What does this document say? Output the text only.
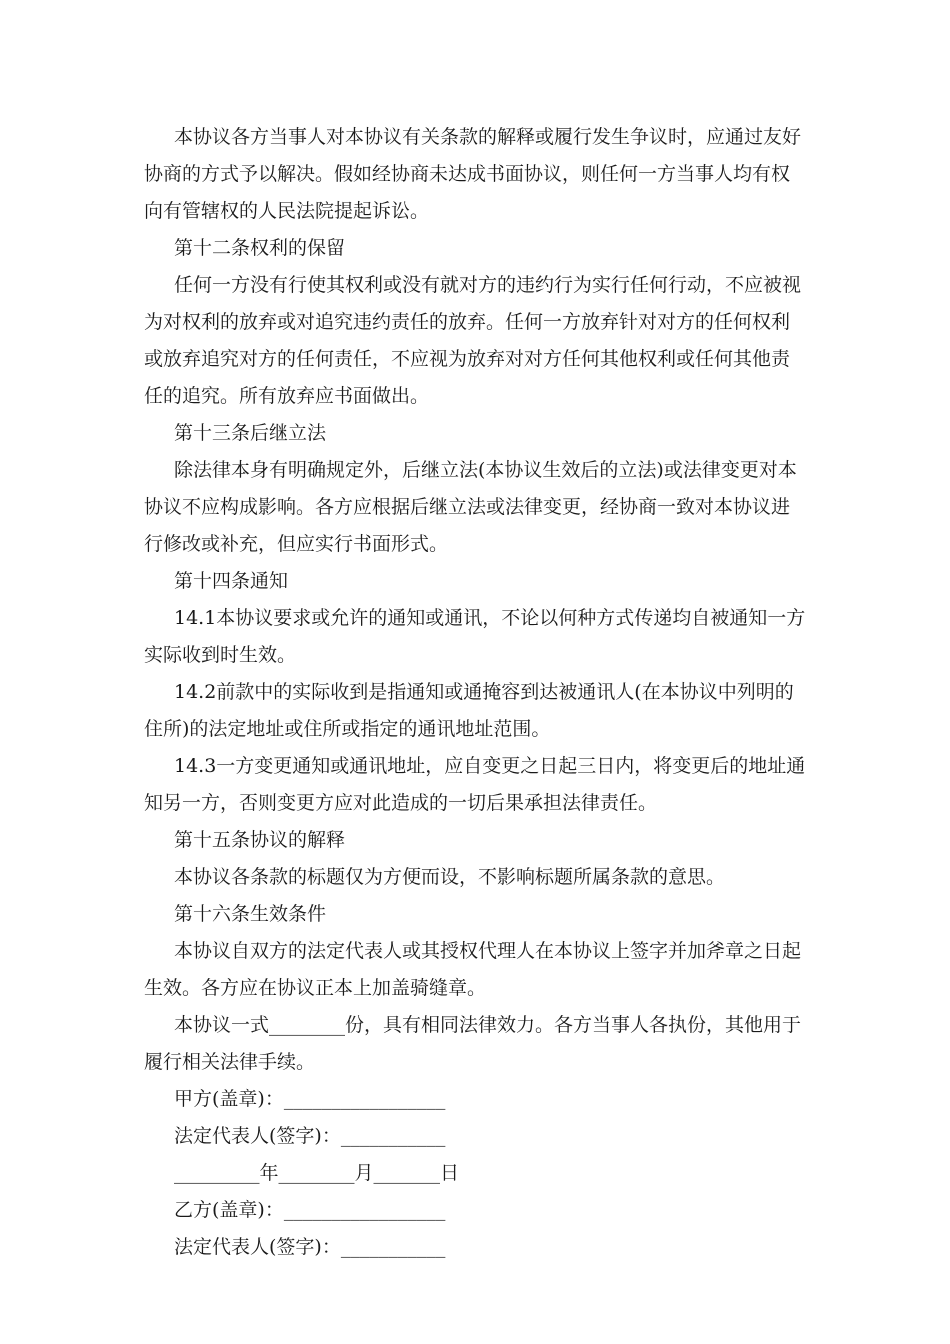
本协议各方当事人对本协议有关条款的解释或履行发生争议时，应通过友好协商的方式予以解决。假如经协商未达成书面协议，则任何一方当事人均有权向有管辖权的人民法院提起诉讼。

第十二条权利的保留

任何一方没有行使其权利或没有就对方的违约行为实行任何行动，不应被视为对权利的放弃或对追究违约责任的放弃。任何一方放弃针对对方的任何权利或放弃追究对方的任何责任，不应视为放弃对对方任何其他权利或任何其他责任的追究。所有放弃应书面做出。

第十三条后继立法

除法律本身有明确规定外，后继立法(本协议生效后的立法)或法律变更对本协议不应构成影响。各方应根据后继立法或法律变更，经协商一致对本协议进行修改或补充，但应实行书面形式。

第十四条通知

14.1本协议要求或允许的通知或通讯，不论以何种方式传递均自被通知一方实际收到时生效。

14.2前款中的实际收到是指通知或通掩容到达被通讯人(在本协议中列明的住所)的法定地址或住所或指定的通讯地址范围。

14.3一方变更通知或通讯地址，应自变更之日起三日内，将变更后的地址通知另一方，否则变更方应对此造成的一切后果承担法律责任。

第十五条协议的解释

本协议各条款的标题仅为方便而设，不影响标题所属条款的意思。

第十六条生效条件

本协议自双方的法定代表人或其授权代理人在本协议上签字并加斧章之日起生效。各方应在协议正本上加盖骑缝章。

本协议一式________份，具有相同法律效力。各方当事人各执份，其他用于履行相关法律手续。

甲方(盖章)：_________________

法定代表人(签字)：___________

_________年________月_______日

乙方(盖章)：_________________

法定代表人(签字)：___________
